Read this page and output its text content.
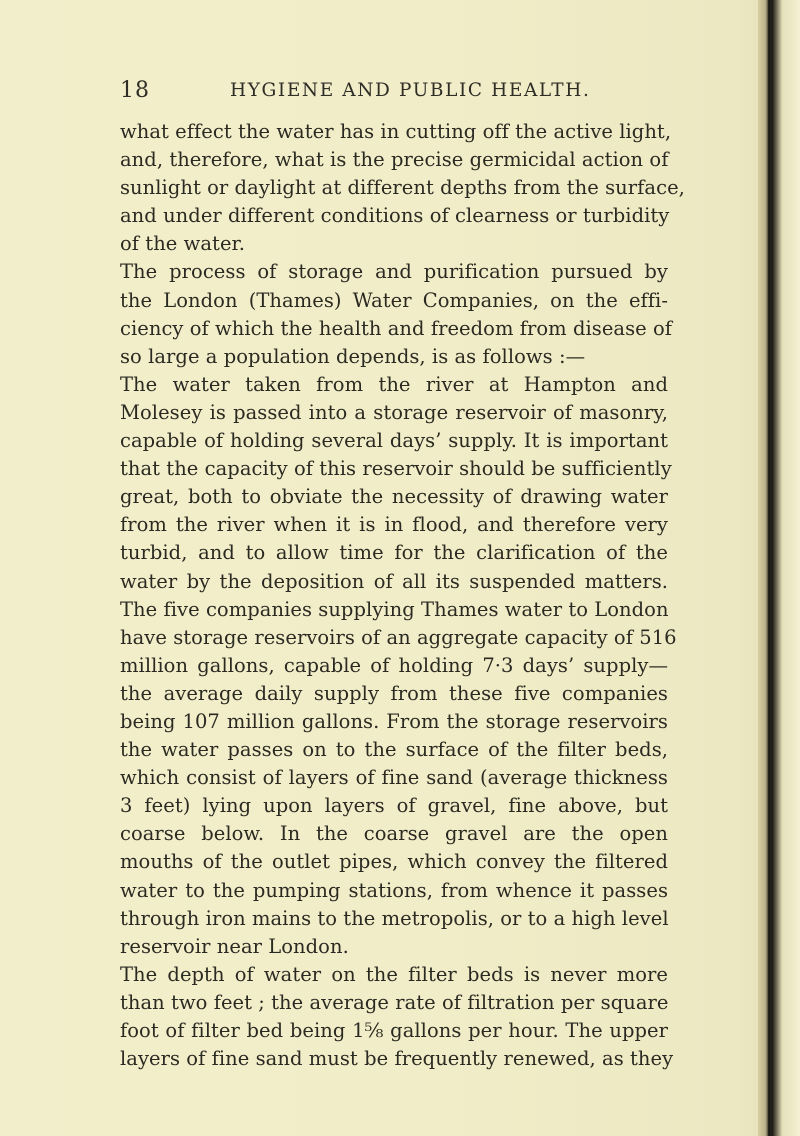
18	HYGIENE AND PUBLIC HEALTH.
what effect the water has in cutting off the active light,
and, therefore, what is the precise germicidal action of
sunlight or daylight at different depths from the surface,
and under different conditions of clearness or turbidity
of the water.
The process of storage and purification pursued by
the London (Thames) Water Companies, on the effi-
ciency of which the health and freedom from disease of
so large a population depends, is as follows :—
The water taken from the river at Hampton and
Molesey is passed into a storage reservoir of masonry,
capable of holding several days’ supply. It is important
that the capacity of this reservoir should be sufficiently
great, both to obviate the necessity of drawing water
from the river when it is in flood, and therefore very
turbid, and to allow time for the clarification of the
water by the deposition of all its suspended matters.
The five companies supplying Thames water to London
have storage reservoirs of an aggregate capacity of 516
million gallons, capable of holding 7·3 days’ supply—
the average daily supply from these five companies
being 107 million gallons. From the storage reservoirs
the water passes on to the surface of the filter beds,
which consist of layers of fine sand (average thickness
3 feet) lying upon layers of gravel, fine above, but
coarse below. In the coarse gravel are the open
mouths of the outlet pipes, which convey the filtered
water to the pumping stations, from whence it passes
through iron mains to the metropolis, or to a high level
reservoir near London.
The depth of water on the filter beds is never more
than two feet ; the average rate of filtration per square
foot of filter bed being 1⅝ gallons per hour. The upper
layers of fine sand must be frequently renewed, as they
